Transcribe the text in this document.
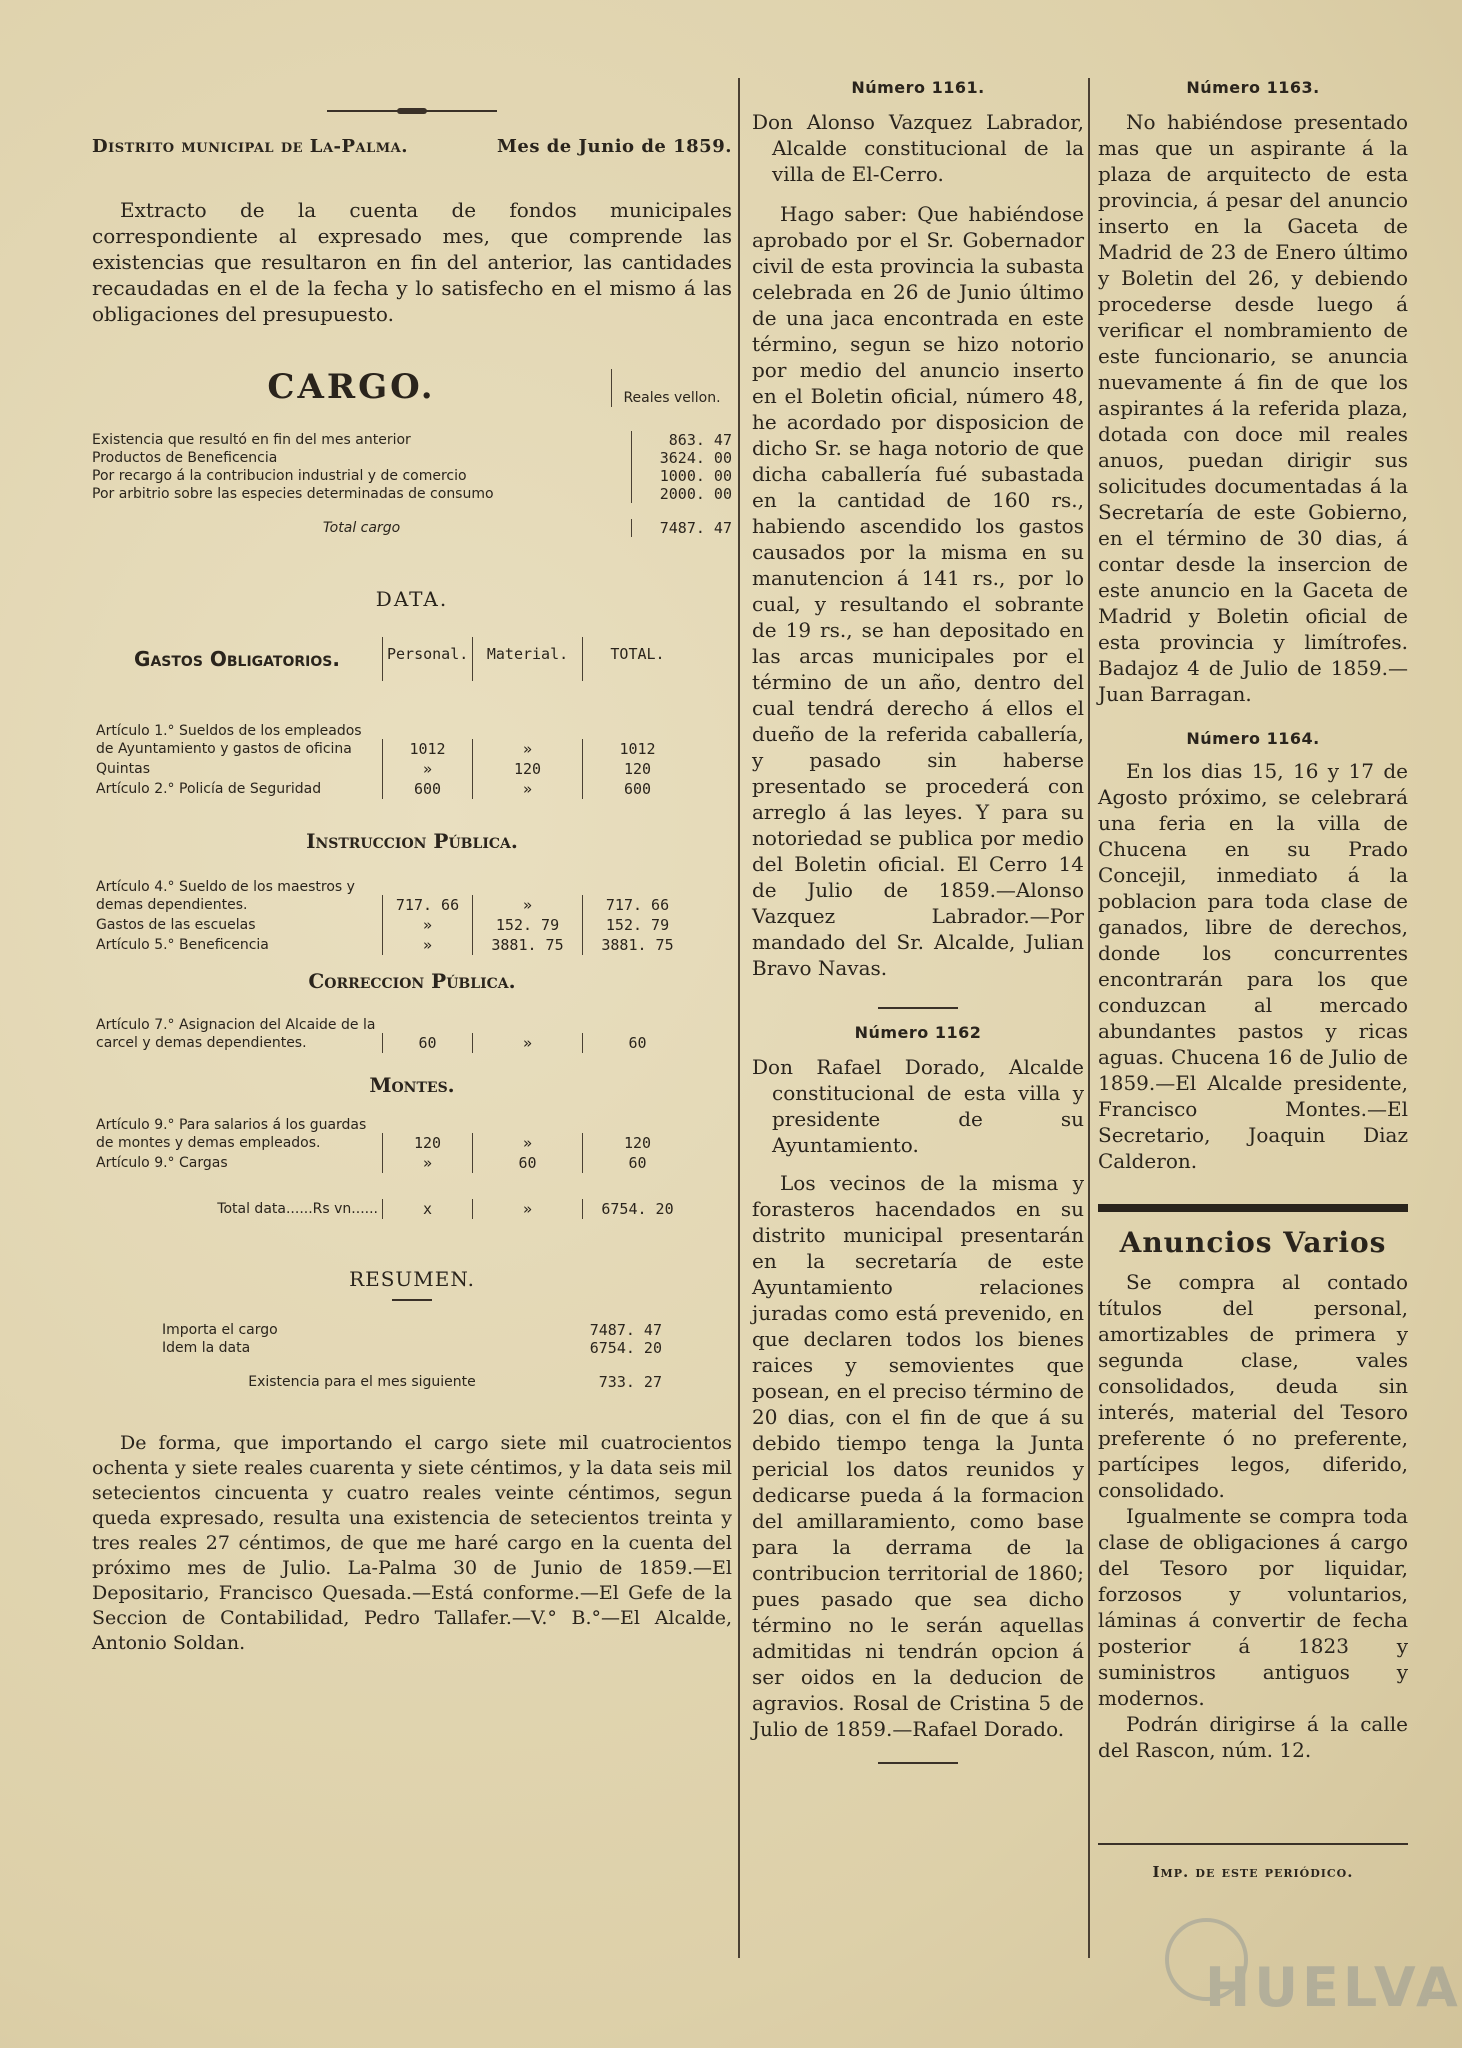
Distrito municipal de La-Palma.	Mes de Junio de 1859.

Extracto de la cuenta de fondos municipales correspondiente al expresado mes, que comprende las existencias que resultaron en fin del anterior, las cantidades recaudadas en el de la fecha y lo satisfecho en el mismo á las obligaciones del presupuesto.

CARGO.	Reales vellon.
Existencia que resultó en fin del mes anterior	863. 47
Productos de Beneficencia	3624. 00
Por recargo á la contribucion industrial y de comercio	1000. 00
Por arbitrio sobre las especies determinadas de consumo	2000. 00
Total cargo	7487. 47
DATA.
Gastos Obligatorios.	Personal.	Material.	TOTAL.
Artículo 1.° Sueldos de los empleados de Ayuntamiento y gastos de oficina	1012	»	1012
Quintas	»	120	120
Artículo 2.° Policía de Seguridad	600	»	600
Instruccion Pública.
Artículo 4.° Sueldo de los maestros y demas dependientes.	717. 66	»	717. 66
Gastos de las escuelas	»	152. 79	152. 79
Artículo 5.° Beneficencia	»	3881. 75	3881. 75
Correccion Pública.
Artículo 7.° Asignacion del Alcaide de la carcel y demas dependientes.	60	»	60
Montes.
Artículo 9.° Para salarios á los guardas de montes y demas empleados.	120	»	120
Artículo 9.° Cargas	»	60	60
Total data......Rs vn......	x	»	6754. 20
RESUMEN.
Importa el cargo	7487. 47
Idem la data	6754. 20
Existencia para el mes siguiente	733. 27

De forma, que importando el cargo siete mil cuatrocientos ochenta y siete reales cuarenta y siete céntimos, y la data seis mil setecientos cincuenta y cuatro reales veinte céntimos, segun queda expresado, resulta una existencia de setecientos treinta y tres reales 27 céntimos, de que me haré cargo en la cuenta del próximo mes de Julio. La-Palma 30 de Junio de 1859.—El Depositario, Francisco Quesada.—Está conforme.—El Gefe de la Seccion de Contabilidad, Pedro Tallafer.—V.° B.°—El Alcalde, Antonio Soldan.

Número 1161.

Don Alonso Vazquez Labrador, Alcalde constitucional de la villa de El-Cerro.

Hago saber: Que habiéndose aprobado por el Sr. Gobernador civil de esta provincia la subasta celebrada en 26 de Junio último de una jaca encontrada en este término, segun se hizo notorio por medio del anuncio inserto en el Boletin oficial, número 48, he acordado por disposicion de dicho Sr. se haga notorio de que dicha caballería fué subastada en la cantidad de 160 rs., habiendo ascendido los gastos causados por la misma en su manutencion á 141 rs., por lo cual, y resultando el sobrante de 19 rs., se han depositado en las arcas municipales por el término de un año, dentro del cual tendrá derecho á ellos el dueño de la referida caballería, y pasado sin haberse presentado se procederá con arreglo á las leyes. Y para su notoriedad se publica por medio del Boletin oficial. El Cerro 14 de Julio de 1859.—Alonso Vazquez Labrador.—Por mandado del Sr. Alcalde, Julian Bravo Navas.

Número 1162

Don Rafael Dorado, Alcalde constitucional de esta villa y presidente de su Ayuntamiento.

Los vecinos de la misma y forasteros hacendados en su distrito municipal presentarán en la secretaría de este Ayuntamiento relaciones juradas como está prevenido, en que declaren todos los bienes raices y semovientes que posean, en el preciso término de 20 dias, con el fin de que á su debido tiempo tenga la Junta pericial los datos reunidos y dedicarse pueda á la formacion del amillaramiento, como base para la derrama de la contribucion territorial de 1860; pues pasado que sea dicho término no le serán aquellas admitidas ni tendrán opcion á ser oidos en la deducion de agravios. Rosal de Cristina 5 de Julio de 1859.—Rafael Dorado.

Número 1163.

No habiéndose presentado mas que un aspirante á la plaza de arquitecto de esta provincia, á pesar del anuncio inserto en la Gaceta de Madrid de 23 de Enero último y Boletin del 26, y debiendo procederse desde luego á verificar el nombramiento de este funcionario, se anuncia nuevamente á fin de que los aspirantes á la referida plaza, dotada con doce mil reales anuos, puedan dirigir sus solicitudes documentadas á la Secretaría de este Gobierno, en el término de 30 dias, á contar desde la insercion de este anuncio en la Gaceta de Madrid y Boletin oficial de esta provincia y limítrofes. Badajoz 4 de Julio de 1859.—Juan Barragan.

Número 1164.

En los dias 15, 16 y 17 de Agosto próximo, se celebrará una feria en la villa de Chucena en su Prado Concejil, inmediato á la poblacion para toda clase de ganados, libre de derechos, donde los concurrentes encontrarán para los que conduzcan al mercado abundantes pastos y ricas aguas. Chucena 16 de Julio de 1859.—El Alcalde presidente, Francisco Montes.—El Secretario, Joaquin Diaz Calderon.

Anuncios Varios

Se compra al contado títulos del personal, amortizables de primera y segunda clase, vales consolidados, deuda sin interés, material del Tesoro preferente ó no preferente, partícipes legos, diferido, consolidado.

Igualmente se compra toda clase de obligaciones á cargo del Tesoro por liquidar, forzosos y voluntarios, láminas á convertir de fecha posterior á 1823 y suministros antiguos y modernos.

Podrán dirigirse á la calle del Rascon, núm. 12.

Imp. de este periódico.
HUELVA
